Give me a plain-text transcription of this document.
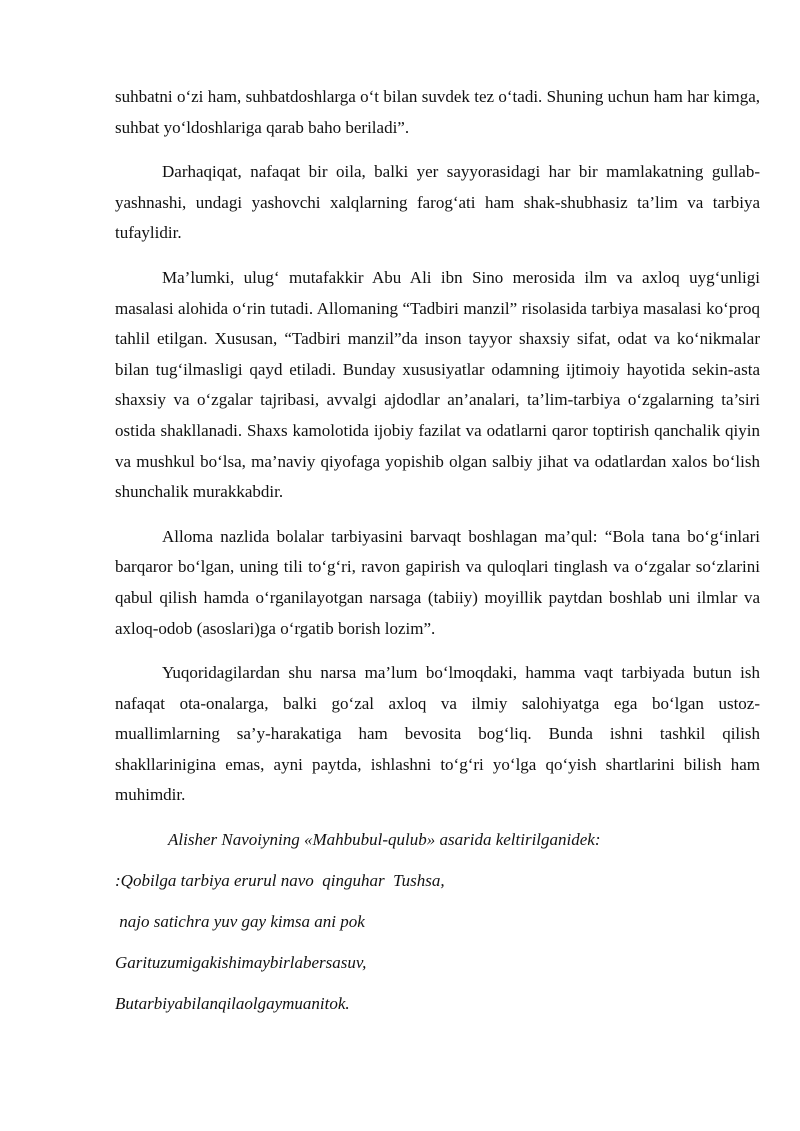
suhbatni o‘zi ham, suhbatdoshlarga o‘t bilan suvdek tez o‘tadi. Shuning uchun ham har kimga, suhbat yo‘ldoshlariga qarab baho beriladi”.

Darhaqiqat, nafaqat bir oila, balki yer sayyorasidagi har bir mamlakatning gullab-yashnashi, undagi yashovchi xalqlarning farog‘ati ham shak-shubhasiz ta’lim va tarbiya tufaylidir.

Ma’lumki, ulug‘ mutafakkir Abu Ali ibn Sino merosida ilm va axloq uyg‘unligi masalasi alohida o‘rin tutadi. Allomaning “Tadbiri manzil” risolasida tarbiya masalasi ko‘proq tahlil etilgan. Xususan, “Tadbiri manzil”da inson tayyor shaxsiy sifat, odat va ko‘nikmalar bilan tug‘ilmasligi qayd etiladi. Bunday xususiyatlar odamning ijtimoiy hayotida sekin-asta shaxsiy va o‘zgalar tajribasi, avvalgi ajdodlar an’analari, ta’lim-tarbiya o‘zgalarning ta’siri ostida shakllanadi. Shaxs kamolotida ijobiy fazilat va odatlarni qaror toptirish qanchalik qiyin va mushkul bo‘lsa, ma’naviy qiyofaga yopishib olgan salbiy jihat va odatlardan xalos bo‘lish shunchalik murakkabdir.

Alloma nazlida bolalar tarbiyasini barvaqt boshlagan ma’qul: “Bola tana bo‘g‘inlari barqaror bo‘lgan, uning tili to‘g‘ri, ravon gapirish va quloqlari tinglash va o‘zgalar so‘zlarini qabul qilish hamda o‘rganilayotgan narsaga (tabiiy) moyillik paytdan boshlab uni ilmlar va axloq-odob (asoslari)ga o‘rgatib borish lozim”.

Yuqoridagilardan shu narsa ma’lum bo‘lmoqdaki, hamma vaqt tarbiyada butun ish nafaqat ota-onalarga, balki go‘zal axloq va ilmiy salohiyatga ega bo‘lgan ustoz-muallimlarning sa’y-harakatiga ham bevosita bog‘liq. Bunda ishni tashkil qilish shakllarinigina emas, ayni paytda, ishlashni to‘g‘ri yo‘lga qo‘yish shartlarini bilish ham muhimdir.

Alisher Navoiyning «Mahbubul-qulub» asarida keltirilganidek:

:Qobilga tarbiya erurul navo  qinguhar  Tushsa,

najo satichra yuv gay kimsa ani pok

Garituzumigakishimaybirlabersasuv,

Butarbiyabilanqilaolgaymuanitok.
